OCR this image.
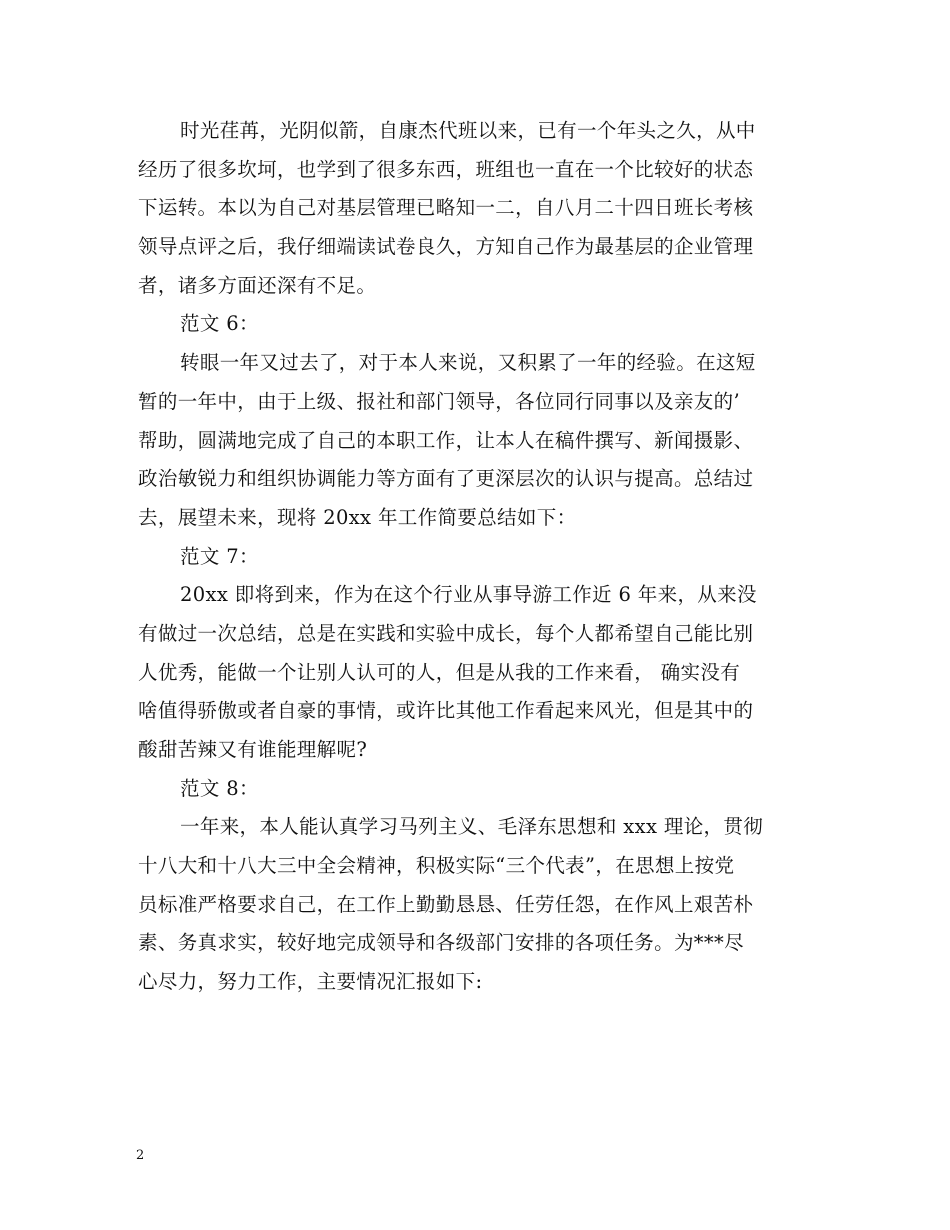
时光荏苒，光阴似箭，自康杰代班以来，已有一个年头之久，从中
经历了很多坎坷，也学到了很多东西，班组也一直在一个比较好的状态
下运转。本以为自己对基层管理已略知一二，自八月二十四日班长考核
领导点评之后，我仔细端读试卷良久，方知自己作为最基层的企业管理
者，诸多方面还深有不足。
范文 6：
转眼一年又过去了，对于本人来说，又积累了一年的经验。在这短
暂的一年中，由于上级、报社和部门领导，各位同行同事以及亲友的’
帮助，圆满地完成了自己的本职工作，让本人在稿件撰写、新闻摄影、
政治敏锐力和组织协调能力等方面有了更深层次的认识与提高。总结过
去，展望未来，现将 20xx 年工作简要总结如下：
范文 7：
20xx 即将到来，作为在这个行业从事导游工作近 6 年来，从来没
有做过一次总结，总是在实践和实验中成长，每个人都希望自己能比别
人优秀，能做一个让别人认可的人，但是从我的工作来看， 确实没有
啥值得骄傲或者自豪的事情，或许比其他工作看起来风光，但是其中的
酸甜苦辣又有谁能理解呢?
范文 8：
一年来，本人能认真学习马列主义、毛泽东思想和 xxx 理论，贯彻
十八大和十八大三中全会精神，积极实际“三个代表”，在思想上按党
员标准严格要求自己，在工作上勤勤恳恳、任劳任怨，在作风上艰苦朴
素、务真求实，较好地完成领导和各级部门安排的各项任务。为***尽
心尽力，努力工作，主要情况汇报如下:
2
